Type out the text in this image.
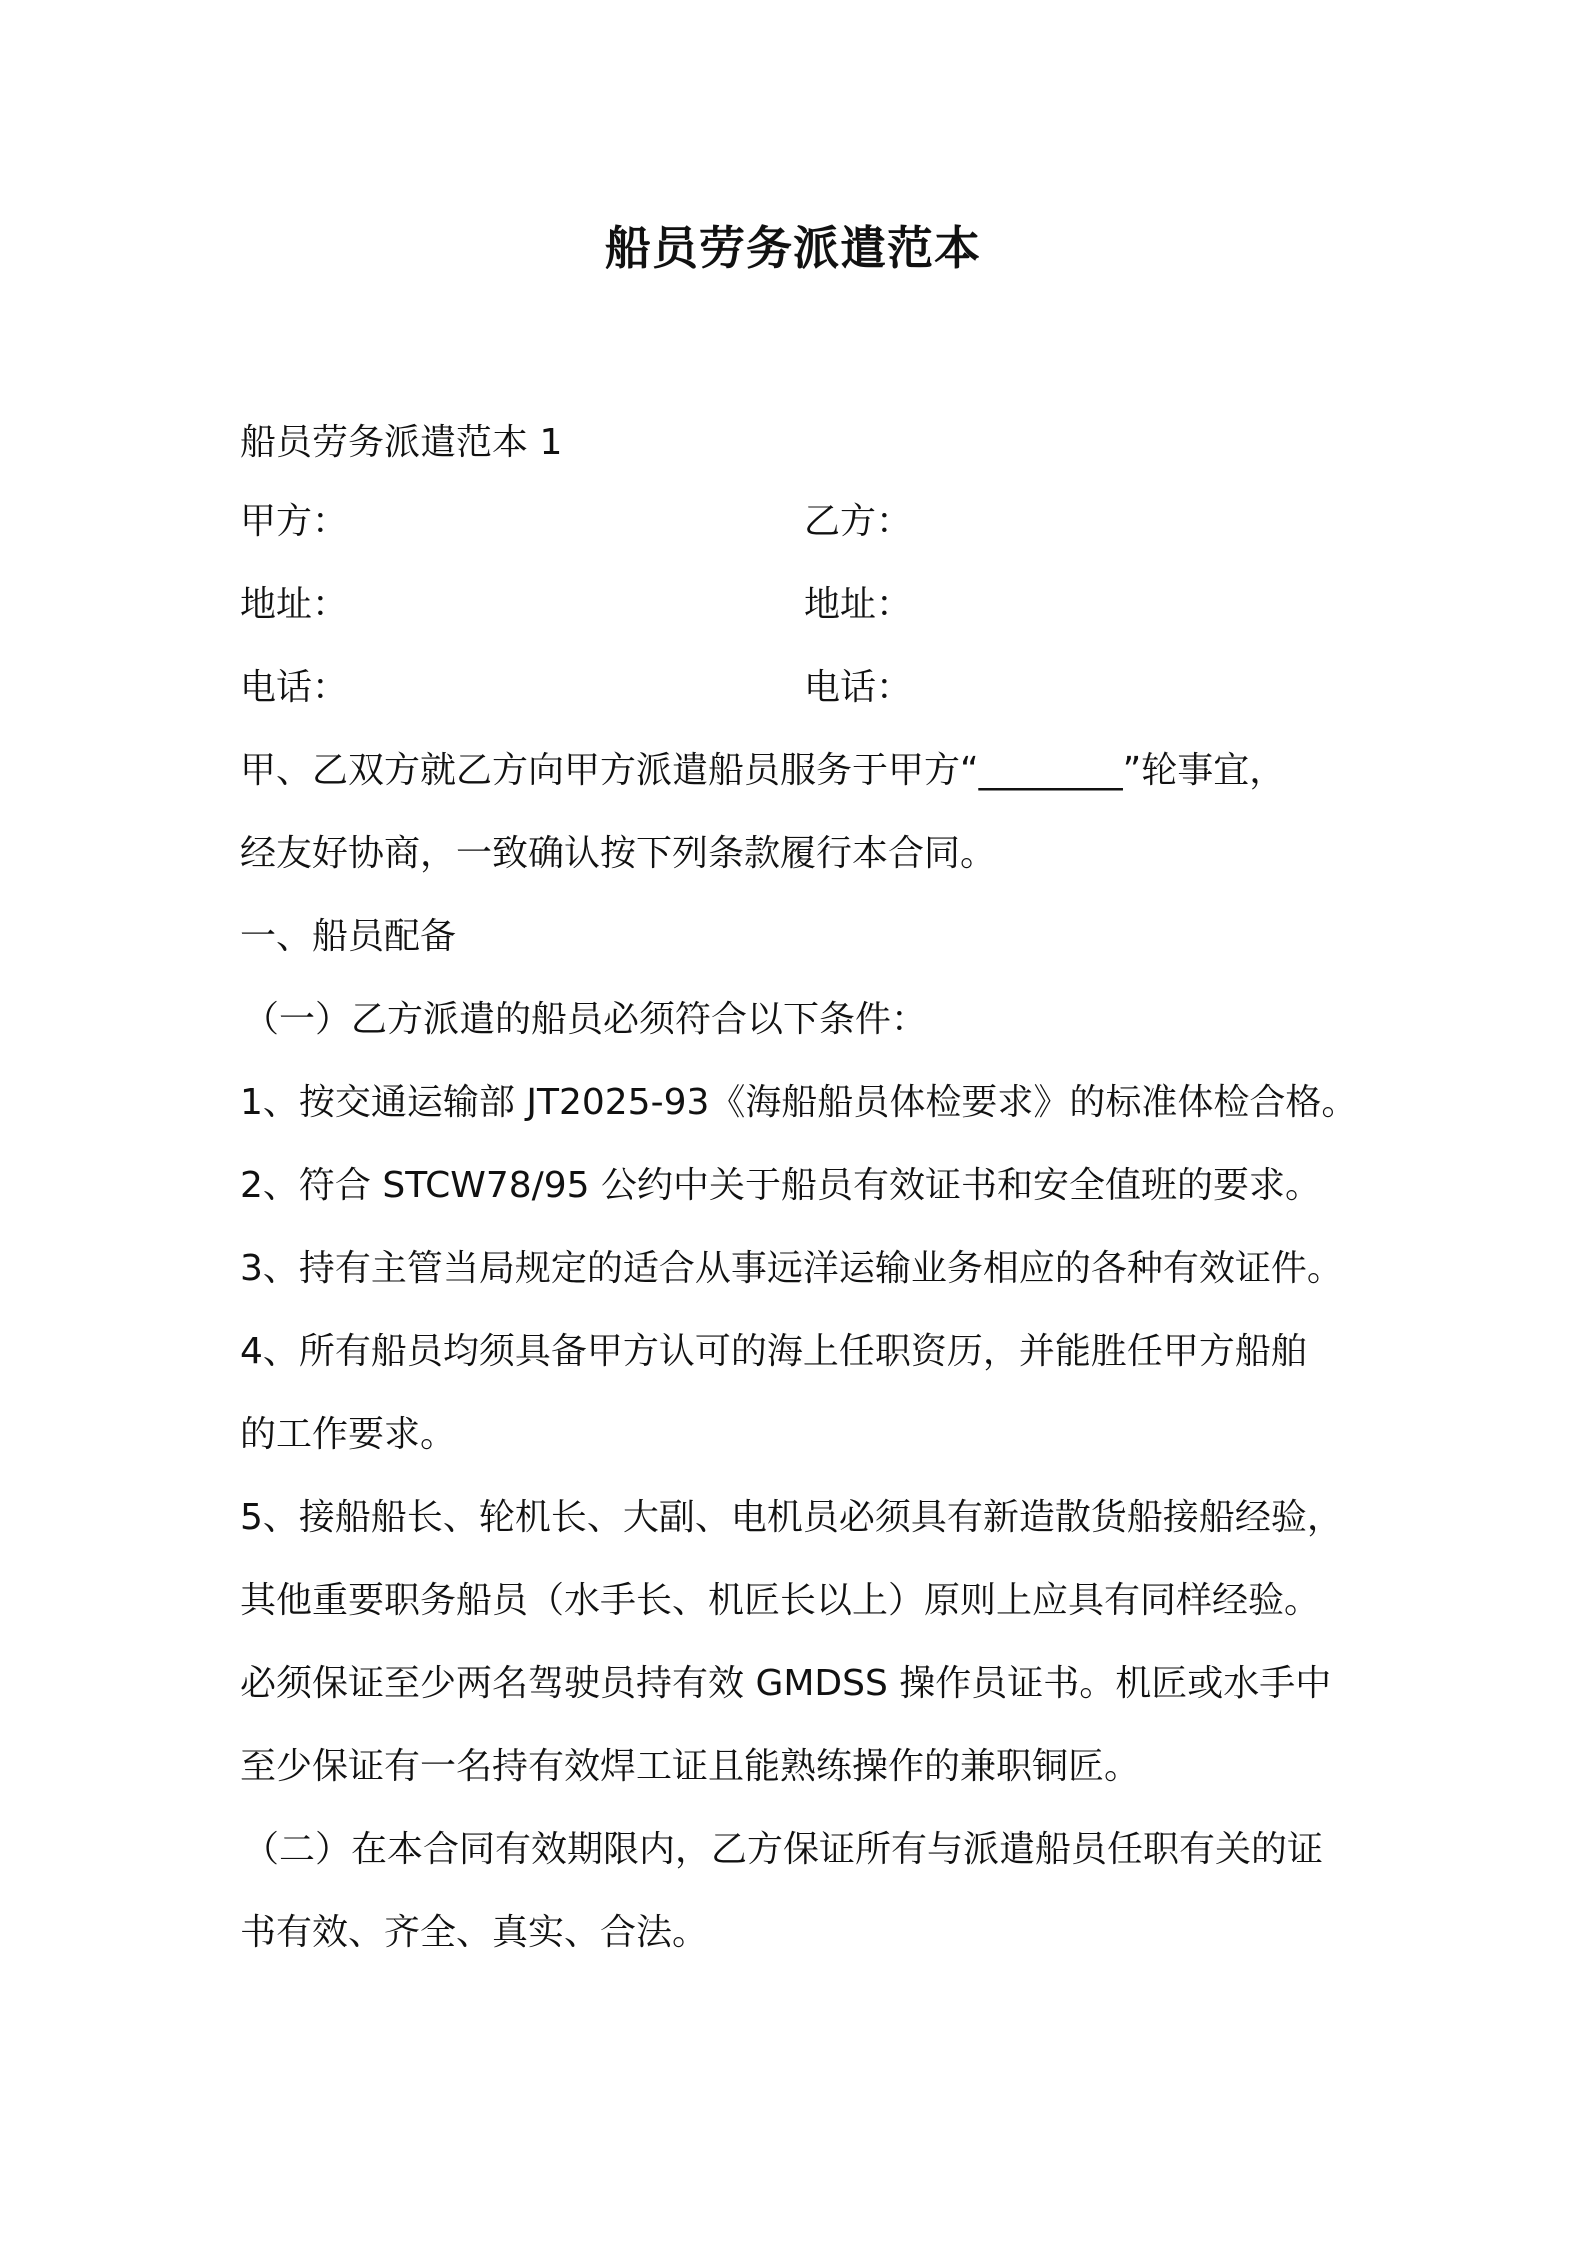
船员劳务派遣范本
船员劳务派遣范本 1
甲方：	乙方：
地址：	地址：
电话：	电话：
甲、乙双方就乙方向甲方派遣船员服务于甲方“________”轮事宜，
经友好协商，一致确认按下列条款履行本合同。
一、船员配备
（一）乙方派遣的船员必须符合以下条件：
1、按交通运输部 JT2025-93《海船船员体检要求》的标准体检合格。
2、符合 STCW78/95 公约中关于船员有效证书和安全值班的要求。
3、持有主管当局规定的适合从事远洋运输业务相应的各种有效证件。
4、所有船员均须具备甲方认可的海上任职资历，并能胜任甲方船舶
的工作要求。
5、接船船长、轮机长、大副、电机员必须具有新造散货船接船经验，
其他重要职务船员（水手长、机匠长以上）原则上应具有同样经验。
必须保证至少两名驾驶员持有效 GMDSS 操作员证书。机匠或水手中
至少保证有一名持有效焊工证且能熟练操作的兼职铜匠。
（二）在本合同有效期限内，乙方保证所有与派遣船员任职有关的证
书有效、齐全、真实、合法。
